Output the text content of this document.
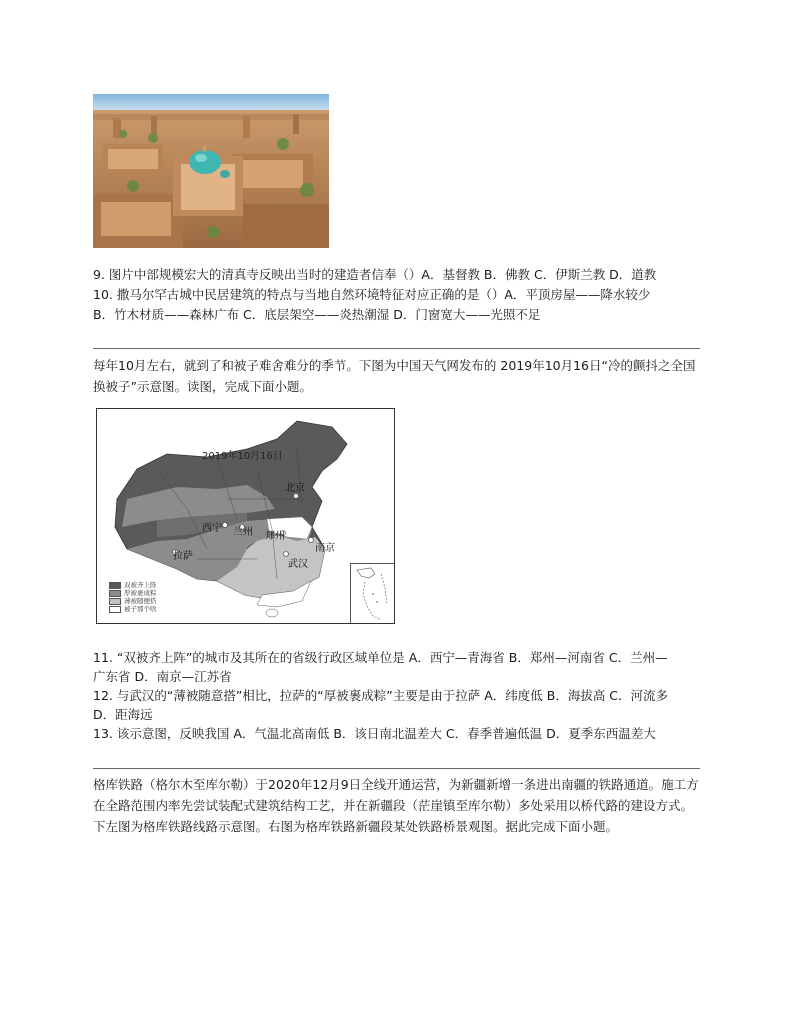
9. 图片中部规模宏大的清真寺反映出当时的建造者信奉（）A．基督教 B．佛教 C．伊斯兰教 D．道教
10. 撒马尔罕古城中民居建筑的特点与当地自然环境特征对应正确的是（）A．平顶房屋——降水较少
B．竹木材质——森林广布 C．底层架空——炎热潮湿 D．门窗宽大——光照不足
每年10月左右，就到了和被子难舍难分的季节。下图为中国天气网发布的 2019年10月16日“冷的颤抖之全国换被子”示意图。读图，完成下面小题。
2019年10月16日
北京
西宁 兰州 郑州
南京
拉萨
武汉
双被齐上阵
厚被裹成粽
薄被随便搭
被子那个啥
11. “双被齐上阵”的城市及其所在的省级行政区域单位是 A．西宁—青海省 B．郑州—河南省 C．兰州—
广东省 D．南京—江苏省
12. 与武汉的“薄被随意搭”相比，拉萨的“厚被裹成粽”主要是由于拉萨 A．纬度低 B．海拔高 C．河流多
D．距海远
13. 该示意图，反映我国 A．气温北高南低 B．该日南北温差大 C．春季普遍低温 D．夏季东西温差大
格库铁路（格尔木至库尔勒）于2020年12月9日全线开通运营，为新疆新增一条进出南疆的铁路通道。施工方在全路范围内率先尝试装配式建筑结构工艺，并在新疆段（茫崖镇至库尔勒）多处采用以桥代路的建设方式。下左图为格库铁路线路示意图。右图为格库铁路新疆段某处铁路桥景观图。据此完成下面小题。
